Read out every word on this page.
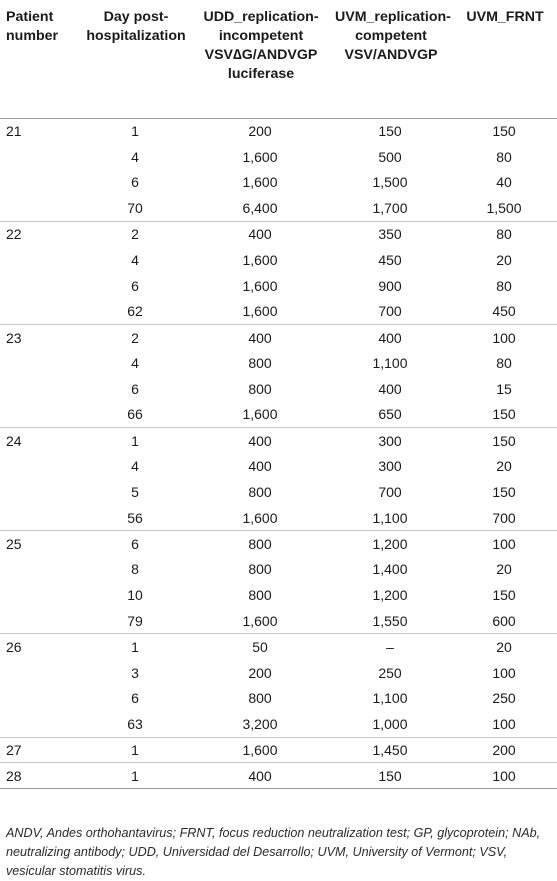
Patient number	Day post-hospitalization	UDD_replication-incompetent VSV∆G/ANDVGP luciferase	UVM_replication-competent VSV/ANDVGP	UVM_FRNT
21	1	200	150	150
	4	1,600	500	80
	6	1,600	1,500	40
	70	6,400	1,700	1,500
22	2	400	350	80
	4	1,600	450	20
	6	1,600	900	80
	62	1,600	700	450
23	2	400	400	100
	4	800	1,100	80
	6	800	400	15
	66	1,600	650	150
24	1	400	300	150
	4	400	300	20
	5	800	700	150
	56	1,600	1,100	700
25	6	800	1,200	100
	8	800	1,400	20
	10	800	1,200	150
	79	1,600	1,550	600
26	1	50	–	20
	3	200	250	100
	6	800	1,100	250
	63	3,200	1,000	100
27	1	1,600	1,450	200
28	1	400	150	100
ANDV, Andes orthohantavirus; FRNT, focus reduction neutralization test; GP, glycoprotein; NAb, neutralizing antibody; UDD, Universidad del Desarrollo; UVM, University of Vermont; VSV, vesicular stomatitis virus.
